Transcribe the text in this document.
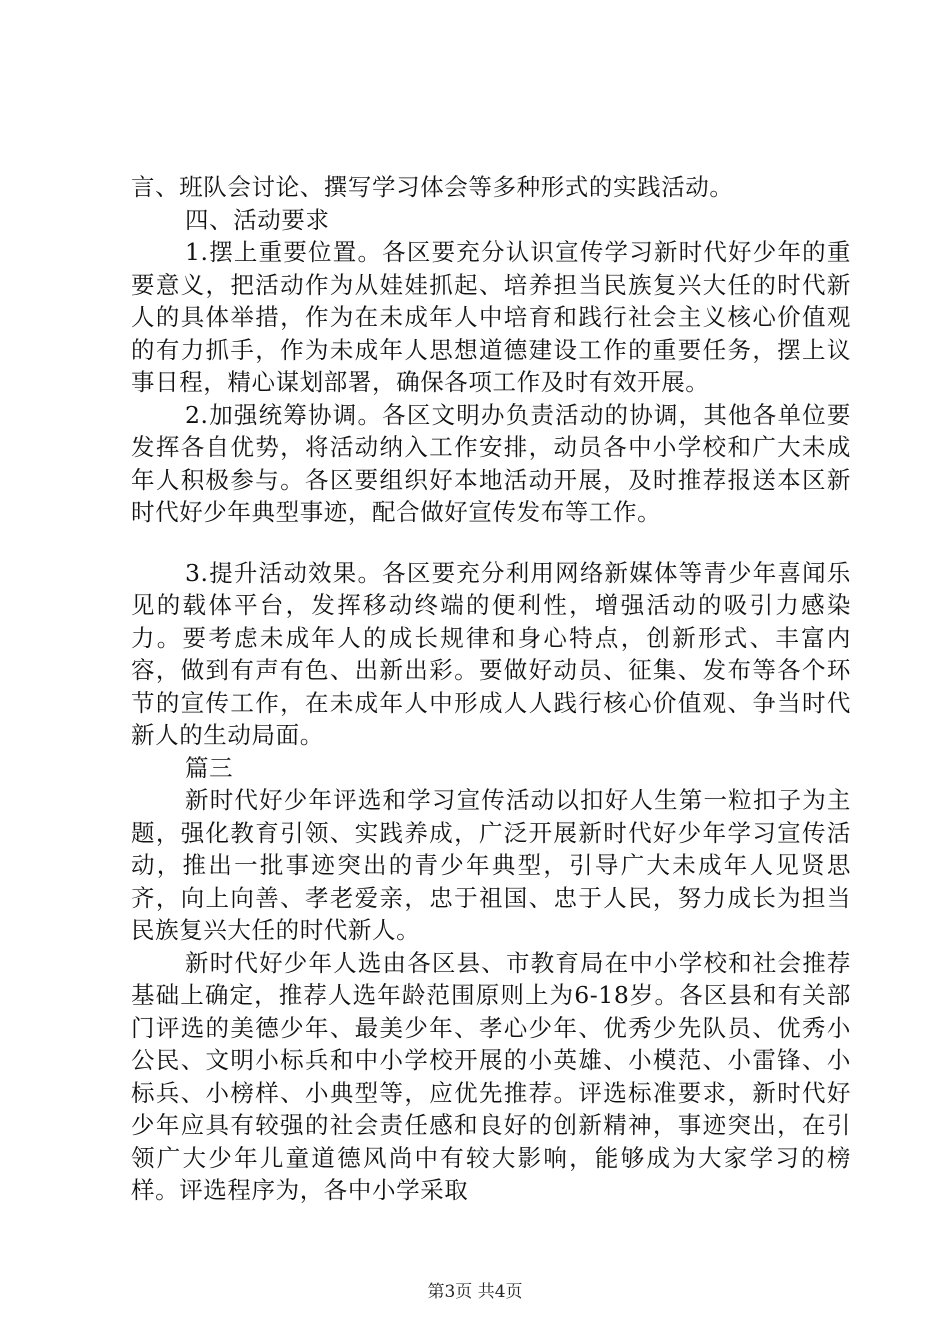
言、班队会讨论、撰写学习体会等多种形式的实践活动。

四、活动要求

1.摆上重要位置。各区要充分认识宣传学习新时代好少年的重要意义，把活动作为从娃娃抓起、培养担当民族复兴大任的时代新人的具体举措，作为在未成年人中培育和践行社会主义核心价值观的有力抓手，作为未成年人思想道德建设工作的重要任务，摆上议事日程，精心谋划部署，确保各项工作及时有效开展。

2.加强统筹协调。各区文明办负责活动的协调，其他各单位要发挥各自优势，将活动纳入工作安排，动员各中小学校和广大未成年人积极参与。各区要组织好本地活动开展，及时推荐报送本区新时代好少年典型事迹，配合做好宣传发布等工作。

3.提升活动效果。各区要充分利用网络新媒体等青少年喜闻乐见的载体平台，发挥移动终端的便利性，增强活动的吸引力感染力。要考虑未成年人的成长规律和身心特点，创新形式、丰富内容，做到有声有色、出新出彩。要做好动员、征集、发布等各个环节的宣传工作，在未成年人中形成人人践行核心价值观、争当时代新人的生动局面。

篇三

新时代好少年评选和学习宣传活动以扣好人生第一粒扣子为主题，强化教育引领、实践养成，广泛开展新时代好少年学习宣传活动，推出一批事迹突出的青少年典型，引导广大未成年人见贤思齐，向上向善、孝老爱亲，忠于祖国、忠于人民，努力成长为担当民族复兴大任的时代新人。

新时代好少年人选由各区县、市教育局在中小学校和社会推荐基础上确定，推荐人选年龄范围原则上为6-18岁。各区县和有关部门评选的美德少年、最美少年、孝心少年、优秀少先队员、优秀小公民、文明小标兵和中小学校开展的小英雄、小模范、小雷锋、小标兵、小榜样、小典型等，应优先推荐。评选标准要求，新时代好少年应具有较强的社会责任感和良好的创新精神，事迹突出，在引领广大少年儿童道德风尚中有较大影响，能够成为大家学习的榜样。评选程序为，各中小学采取

第3页 共4页
